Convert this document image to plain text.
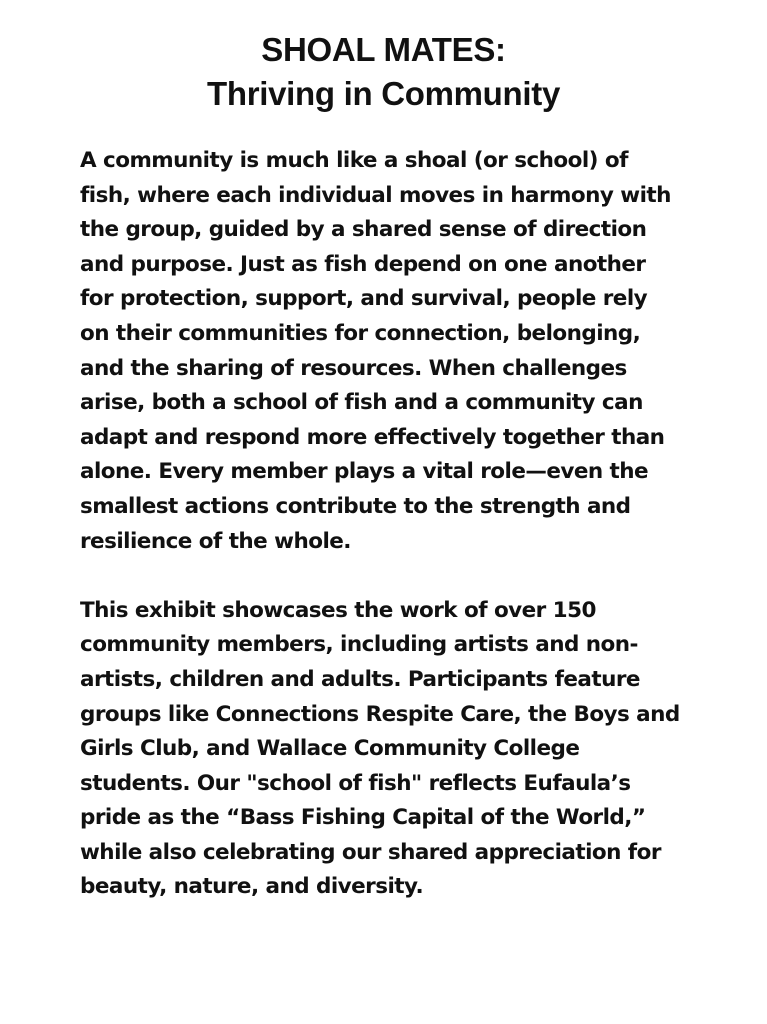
SHOAL MATES:
Thriving in Community

A community is much like a shoal (or school) of fish, where each individual moves in harmony with the group, guided by a shared sense of direction and purpose. Just as fish depend on one another for protection, support, and survival, people rely on their communities for connection, belonging, and the sharing of resources. When challenges arise, both a school of fish and a community can adapt and respond more effectively together than alone. Every member plays a vital role—even the smallest actions contribute to the strength and resilience of the whole.

This exhibit showcases the work of over 150 community members, including artists and non-artists, children and adults. Participants feature groups like Connections Respite Care, the Boys and Girls Club, and Wallace Community College students. Our "school of fish" reflects Eufaula’s pride as the “Bass Fishing Capital of the World,” while also celebrating our shared appreciation for beauty, nature, and diversity.
